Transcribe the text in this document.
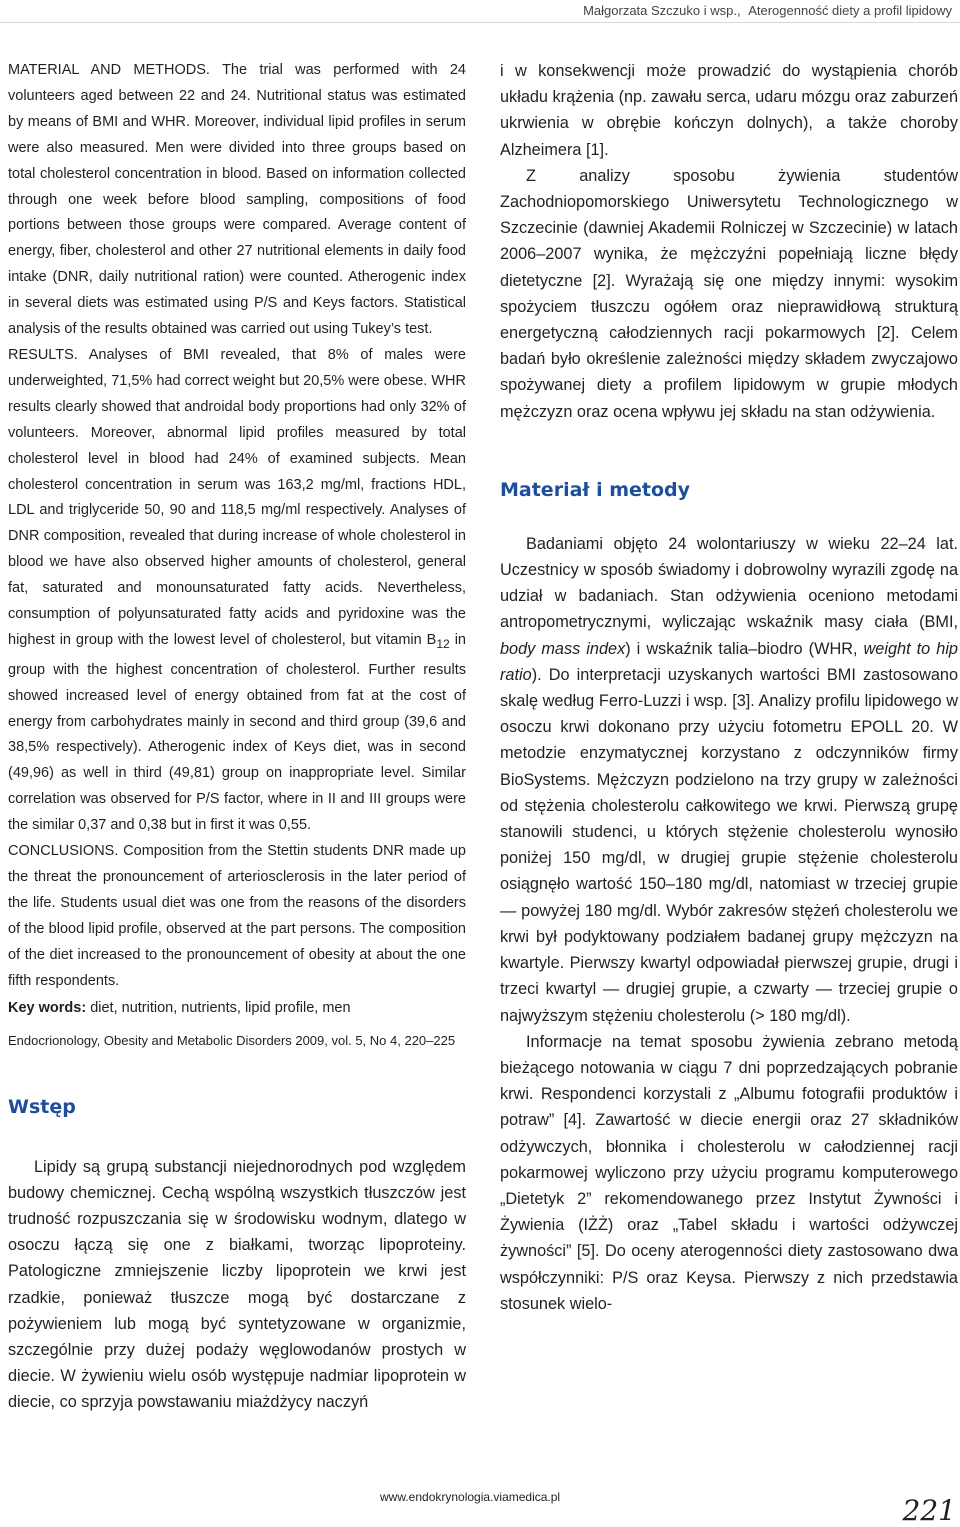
Małgorzata Szczuko i wsp., Aterogenność diety a profil lipidowy

MATERIAL AND METHODS. The trial was performed with 24 volunteers aged between 22 and 24. Nutritional status was estimated by means of BMI and WHR. Moreover, individual lipid profiles in serum were also measured. Men were divided into three groups based on total cholesterol concentration in blood. Based on information collected through one week before blood sampling, compositions of food portions between those groups were compared. Average content of energy, fiber, cholesterol and other 27 nutritional elements in daily food intake (DNR, daily nutritional ration) were counted. Atherogenic index in several diets was estimated using P/S and Keys factors. Statistical analysis of the results obtained was carried out using Tukey’s test.
RESULTS. Analyses of BMI revealed, that 8% of males were underweighted, 71,5% had correct weight but 20,5% were obese. WHR results clearly showed that androidal body proportions had only 32% of volunteers. Moreover, abnormal lipid profiles measured by total cholesterol level in blood had 24% of examined subjects. Mean cholesterol concentration in serum was 163,2 mg/ml, fractions HDL, LDL and triglyceride 50, 90 and 118,5 mg/ml respectively. Analyses of DNR composition, revealed that during increase of whole cholesterol in blood we have also observed higher amounts of cholesterol, general fat, saturated and monounsaturated fatty acids. Nevertheless, consumption of polyunsaturated fatty acids and pyridoxine was the highest in group with the lowest level of cholesterol, but vitamin $B_{12}$ in group with the highest concentration of cholesterol. Further results showed increased level of energy obtained from fat at the cost of energy from carbohydrates mainly in second and third group (39,6 and 38,5% respectively). Atherogenic index of Keys diet, was in second (49,96) as well in third (49,81) group on inappropriate level. Similar correlation was observed for P/S factor, where in II and III groups were the similar 0,37 and 0,38 but in first it was 0,55.
CONCLUSIONS. Composition from the Stettin students DNR made up the threat the pronouncement of arteriosclerosis in the later period of the life. Students usual diet was one from the reasons of the disorders of the blood lipid profile, observed at the part persons. The composition of the diet increased to the pronouncement of obesity at about the one fifth respondents.

Key words: diet, nutrition, nutrients, lipid profile, men

Endocrionology, Obesity and Metabolic Disorders 2009, vol. 5, No 4, 220–225

Wstęp

Lipidy są grupą substancji niejednorodnych pod względem budowy chemicznej. Cechą wspólną wszystkich tłuszczów jest trudność rozpuszczania się w środowisku wodnym, dlatego w osoczu łączą się one z białkami, tworząc lipoproteiny. Patologiczne zmniejszenie liczby lipoprotein we krwi jest rzadkie, ponieważ tłuszcze mogą być dostarczane z pożywieniem lub mogą być syntetyzowane w organizmie, szczególnie przy dużej podaży węglowodanów prostych w diecie. W żywieniu wielu osób występuje nadmiar lipoprotein w diecie, co sprzyja powstawaniu miażdżycy naczyń

i w konsekwencji może prowadzić do wystąpienia chorób układu krążenia (np. zawału serca, udaru mózgu oraz zaburzeń ukrwienia w obrębie kończyn dolnych), a także choroby Alzheimera [1].

Z analizy sposobu żywienia studentów Zachodniopomorskiego Uniwersytetu Technologicznego w Szczecinie (dawniej Akademii Rolniczej w Szczecinie) w latach 2006–2007 wynika, że mężczyźni popełniają liczne błędy dietetyczne [2]. Wyrażają się one między innymi: wysokim spożyciem tłuszczu ogółem oraz nieprawidłową strukturą energetyczną całodziennych racji pokarmowych [2]. Celem badań było określenie zależności między składem zwyczajowo spożywanej diety a profilem lipidowym w grupie młodych mężczyzn oraz ocena wpływu jej składu na stan odżywienia.

Materiał i metody

Badaniami objęto 24 wolontariuszy w wieku 22–24 lat. Uczestnicy w sposób świadomy i dobrowolny wyrazili zgodę na udział w badaniach. Stan odżywienia oceniono metodami antropometrycznymi, wyliczając wskaźnik masy ciała (BMI, body mass index) i wskaźnik talia–biodro (WHR, weight to hip ratio). Do interpretacji uzyskanych wartości BMI zastosowano skalę według Ferro-Luzzi i wsp. [3]. Analizy profilu lipidowego w osoczu krwi dokonano przy użyciu fotometru EPOLL 20. W metodzie enzymatycznej korzystano z odczynników firmy BioSystems. Mężczyzn podzielono na trzy grupy w zależności od stężenia cholesterolu całkowitego we krwi. Pierwszą grupę stanowili studenci, u których stężenie cholesterolu wynosiło poniżej 150 mg/dl, w drugiej grupie stężenie cholesterolu osiągnęło wartość 150–180 mg/dl, natomiast w trzeciej grupie — powyżej 180 mg/dl. Wybór zakresów stężeń cholesterolu we krwi był podyktowany podziałem badanej grupy mężczyzn na kwartyle. Pierwszy kwartyl odpowiadał pierwszej grupie, drugi i trzeci kwartyl — drugiej grupie, a czwarty — trzeciej grupie o najwyższym stężeniu cholesterolu (> 180 mg/dl).

Informacje na temat sposobu żywienia zebrano metodą bieżącego notowania w ciągu 7 dni poprzedzających pobranie krwi. Respondenci korzystali z „Albumu fotografii produktów i potraw” [4]. Zawartość w diecie energii oraz 27 składników odżywczych, błonnika i cholesterolu w całodziennej racji pokarmowej wyliczono przy użyciu programu komputerowego „Dietetyk 2” rekomendowanego przez Instytut Żywności i Żywienia (IŻŻ) oraz „Tabel składu i wartości odżywczej żywności” [5]. Do oceny aterogenności diety zastosowano dwa współczynniki: P/S oraz Keysa. Pierwszy z nich przedstawia stosunek wielo-

www.endokrynologia.viamedica.pl	221
